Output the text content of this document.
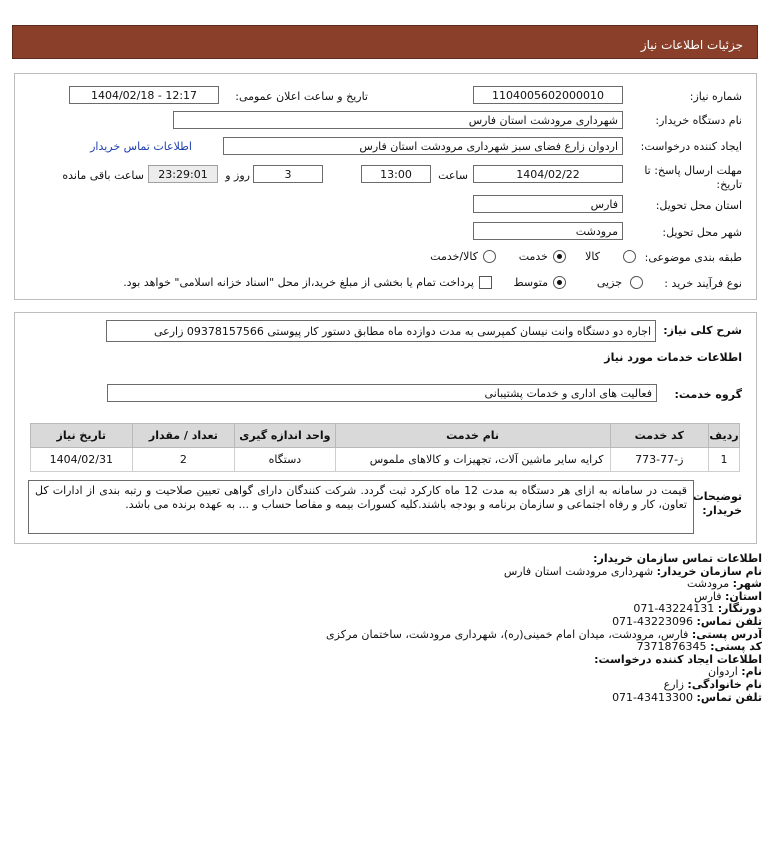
جزئیات اطلاعات نیاز
شماره نیاز:
1104005602000010
تاریخ و ساعت اعلان عمومی:
1404/02/18 - 12:17
نام دستگاه خریدار:
شهرداری مرودشت استان فارس
ایجاد کننده درخواست:
اردوان زارع فضای سبز شهرداری مرودشت استان فارس
اطلاعات تماس خریدار
مهلت ارسال پاسخ: تا تاریخ:
1404/02/22
ساعت
13:00
3
روز و
23:29:01
ساعت باقی مانده
استان محل تحویل:
فارس
شهر محل تحویل:
مرودشت
طبقه بندی موضوعی:
کالا
خدمت
کالا/خدمت
نوع فرآیند خرید :
جزیی
متوسط
پرداخت تمام یا بخشی از مبلغ خرید،از محل "اسناد خزانه اسلامی" خواهد بود.
شرح کلی نیاز:
اجاره دو دستگاه وانت نیسان کمپرسی به مدت دوازده ماه مطابق دستور کار پیوستی 09378157566 زارعی
اطلاعات خدمات مورد نیاز
گروه خدمت:
فعالیت های اداری و خدمات پشتیبانی
ردیف	کد خدمت	نام خدمت	واحد اندازه گیری	تعداد / مقدار	تاریخ نیاز
1	ز-77-773	کرایه سایر ماشین آلات، تجهیزات و کالاهای ملموس	دستگاه	2	1404/02/31
توضیحات خریدار:
قیمت در سامانه به ازای هر دستگاه به مدت 12 ماه کارکرد ثبت گردد. شرکت کنندگان دارای گواهی تعیین صلاحیت و رتبه بندی از ادارات کل تعاون، کار و رفاه اجتماعی و سازمان برنامه و بودجه باشند.کلیه کسورات بیمه و مفاصا حساب و ... به عهده برنده می باشد.
اطلاعات تماس سازمان خریدار:
نام سازمان خریدار: شهرداری مرودشت استان فارس
شهر: مرودشت
استان: فارس
دورنگار: 071-43224131
تلفن تماس: 071-43223096
آدرس پستی: فارس، مرودشت، میدان امام خمینی(ره)، شهرداری مرودشت، ساختمان مرکزی
کد پستی: 7371876345
اطلاعات ایجاد کننده درخواست:
نام: اردوان
نام خانوادگی: زارع
تلفن تماس: 071-43413300
